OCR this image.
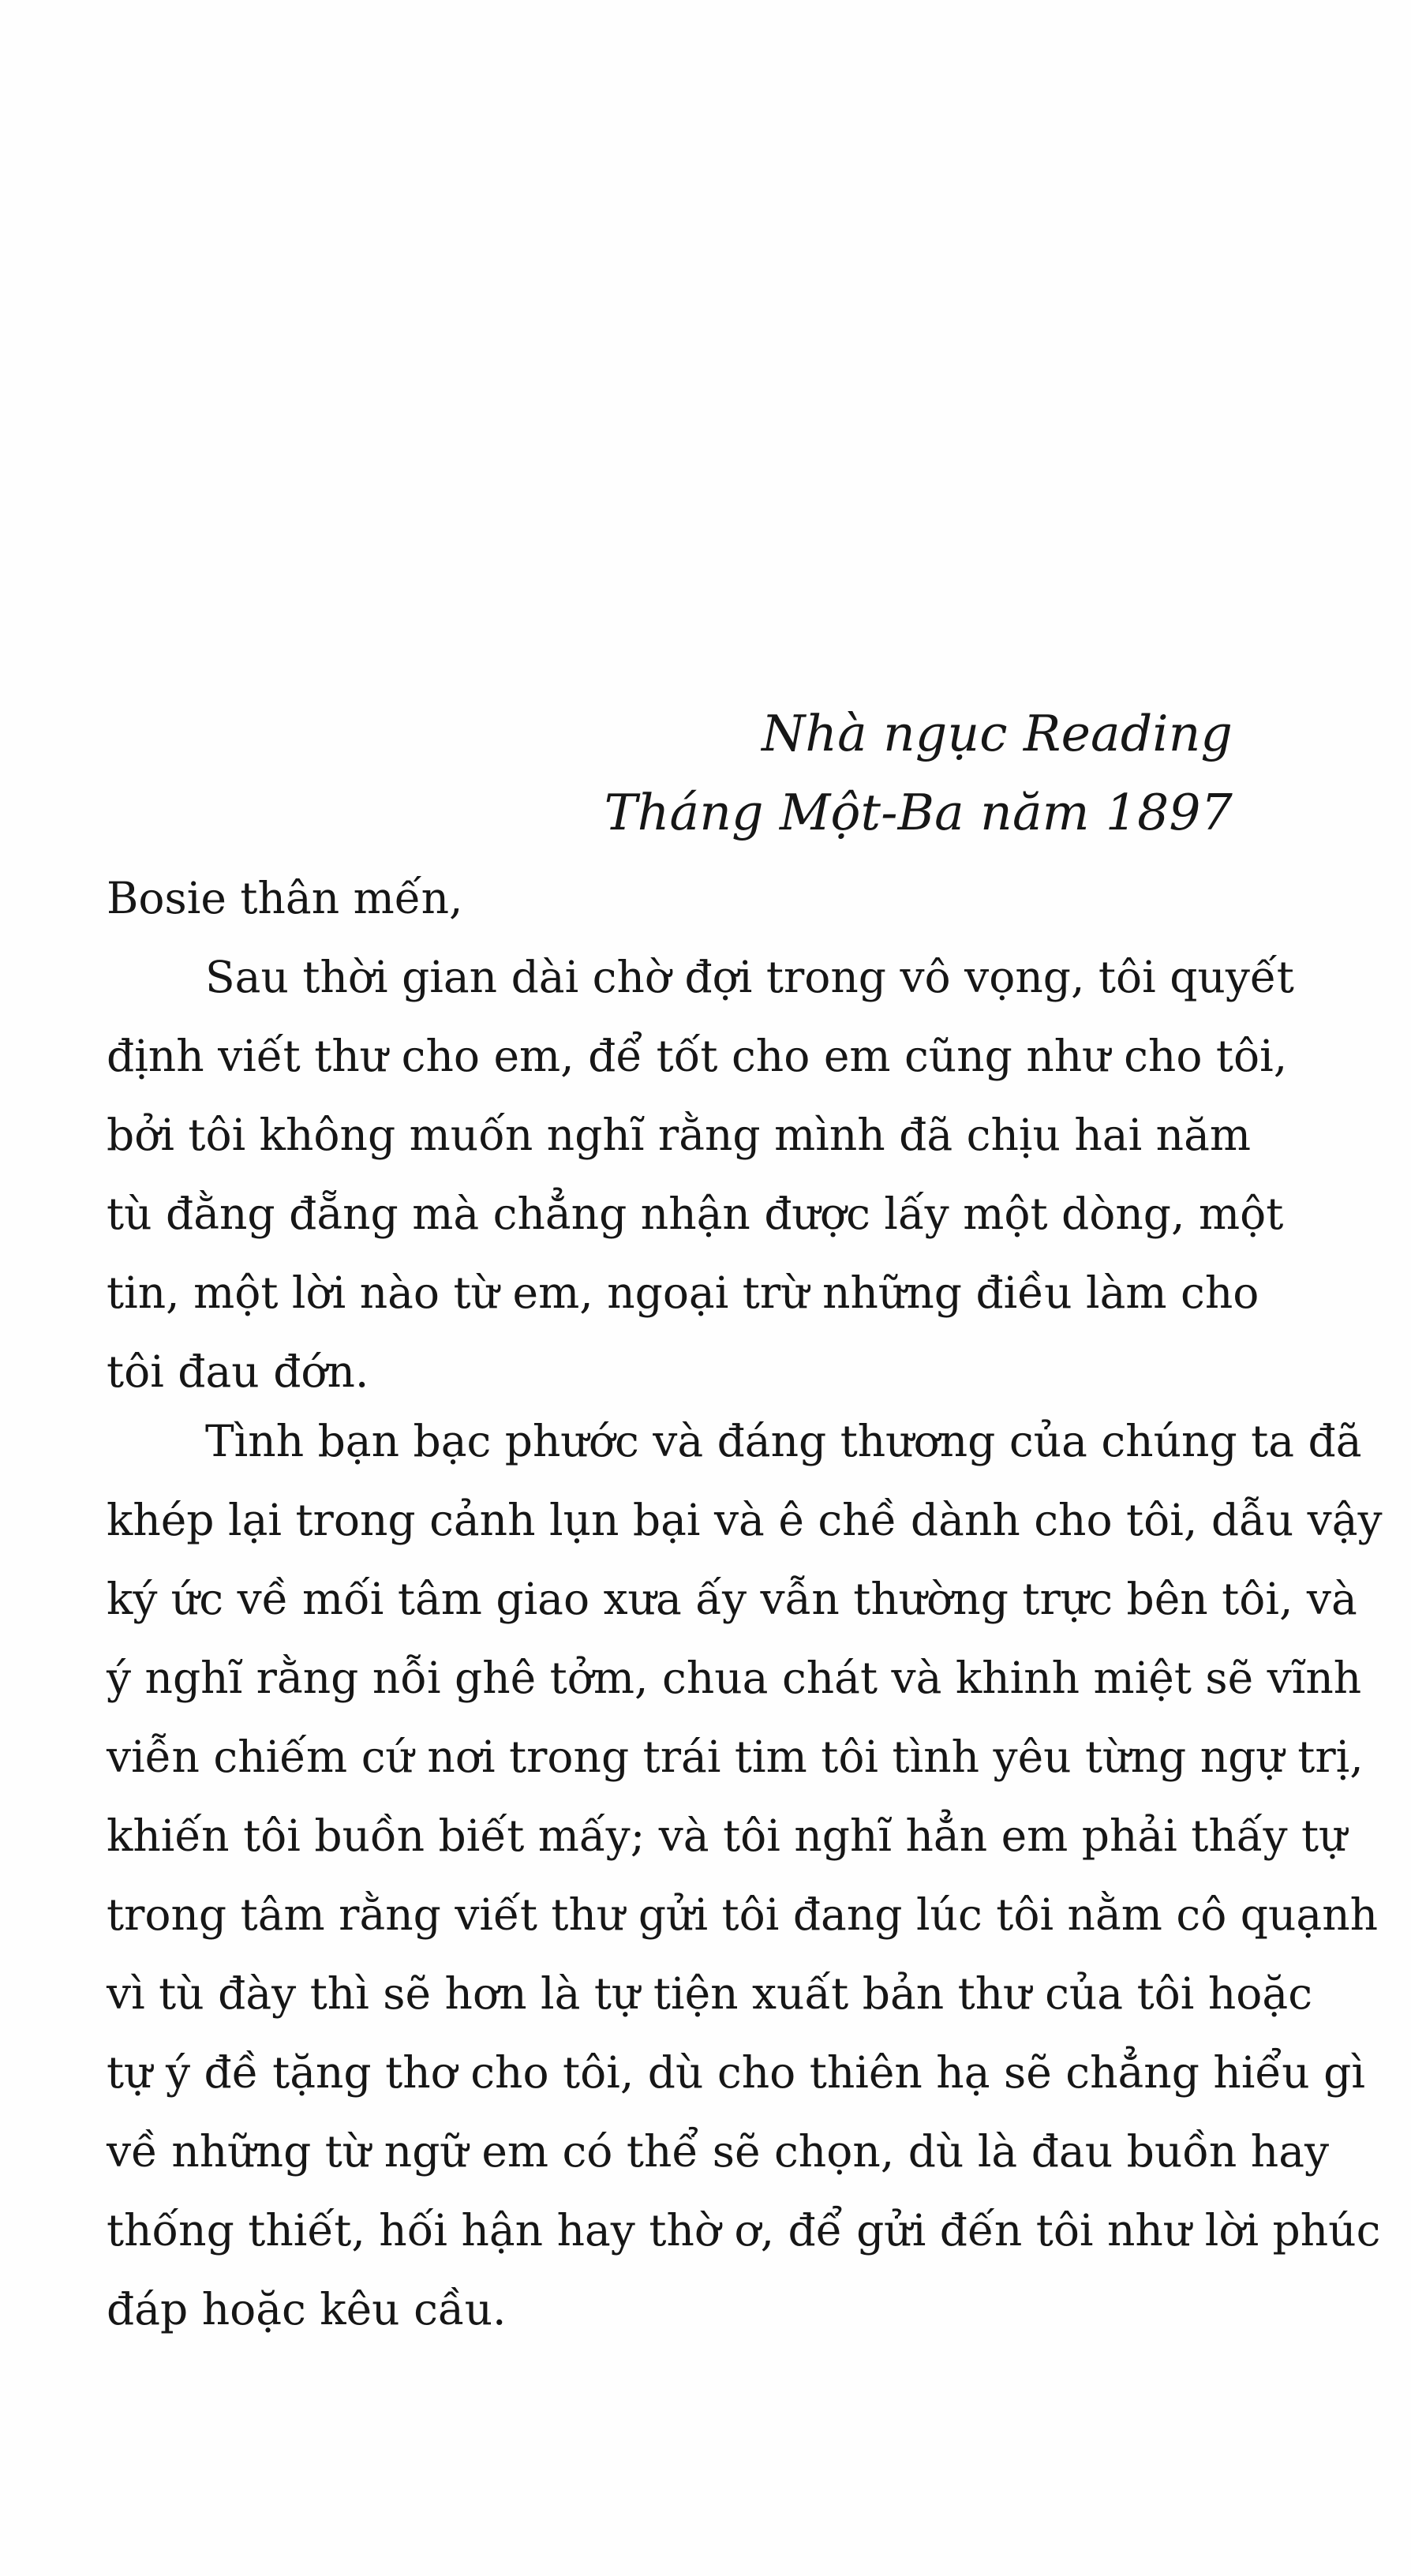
Nhà ngục Reading
Tháng Một-Ba năm 1897
Bosie thân mến,
Sau thời gian dài chờ đợi trong vô vọng, tôi quyết
định viết thư cho em, để tốt cho em cũng như cho tôi,
bởi tôi không muốn nghĩ rằng mình đã chịu hai năm
tù đằng đẵng mà chẳng nhận được lấy một dòng, một
tin, một lời nào từ em, ngoại trừ những điều làm cho
tôi đau đớn.
Tình bạn bạc phước và đáng thương của chúng ta đã
khép lại trong cảnh lụn bại và ê chề dành cho tôi, dẫu vậy
ký ức về mối tâm giao xưa ấy vẫn thường trực bên tôi, và
ý nghĩ rằng nỗi ghê tởm, chua chát và khinh miệt sẽ vĩnh
viễn chiếm cứ nơi trong trái tim tôi tình yêu từng ngự trị,
khiến tôi buồn biết mấy; và tôi nghĩ hẳn em phải thấy tự
trong tâm rằng viết thư gửi tôi đang lúc tôi nằm cô quạnh
vì tù đày thì sẽ hơn là tự tiện xuất bản thư của tôi hoặc
tự ý đề tặng thơ cho tôi, dù cho thiên hạ sẽ chẳng hiểu gì
về những từ ngữ em có thể sẽ chọn, dù là đau buồn hay
thống thiết, hối hận hay thờ ơ, để gửi đến tôi như lời phúc
đáp hoặc kêu cầu.
